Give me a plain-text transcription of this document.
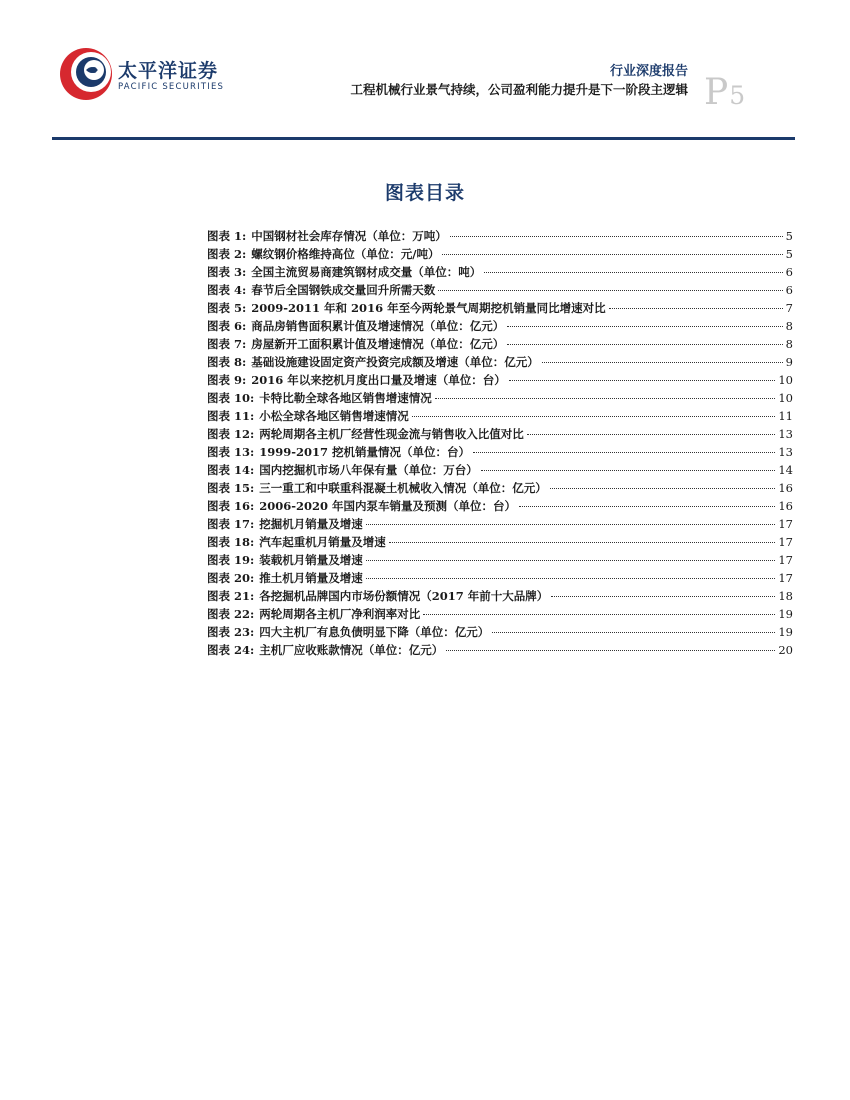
太平洋证券
PACIFIC SECURITIES
行业深度报告
工程机械行业景气持续，公司盈利能力提升是下一阶段主逻辑 P5
图表目录
图表 1: 中国钢材社会库存情况（单位：万吨）	5
图表 2: 螺纹钢价格维持高位（单位：元/吨）	5
图表 3: 全国主流贸易商建筑钢材成交量（单位：吨）	6
图表 4: 春节后全国钢铁成交量回升所需天数	6
图表 5: 2009-2011 年和 2016 年至今两轮景气周期挖机销量同比增速对比	7
图表 6: 商品房销售面积累计值及增速情况（单位：亿元）	8
图表 7: 房屋新开工面积累计值及增速情况（单位：亿元）	8
图表 8: 基础设施建设固定资产投资完成额及增速（单位：亿元）	9
图表 9: 2016 年以来挖机月度出口量及增速（单位：台）	10
图表 10: 卡特比勒全球各地区销售增速情况	10
图表 11: 小松全球各地区销售增速情况	11
图表 12: 两轮周期各主机厂经营性现金流与销售收入比值对比	13
图表 13: 1999-2017 挖机销量情况（单位：台）	13
图表 14: 国内挖掘机市场八年保有量（单位：万台）	14
图表 15: 三一重工和中联重科混凝土机械收入情况（单位：亿元）	16
图表 16: 2006-2020 年国内泵车销量及预测（单位：台）	16
图表 17: 挖掘机月销量及增速	17
图表 18: 汽车起重机月销量及增速	17
图表 19: 装载机月销量及增速	17
图表 20: 推土机月销量及增速	17
图表 21: 各挖掘机品牌国内市场份额情况（2017 年前十大品牌）	18
图表 22: 两轮周期各主机厂净利润率对比	19
图表 23: 四大主机厂有息负债明显下降（单位：亿元）	19
图表 24: 主机厂应收账款情况（单位：亿元）	20
